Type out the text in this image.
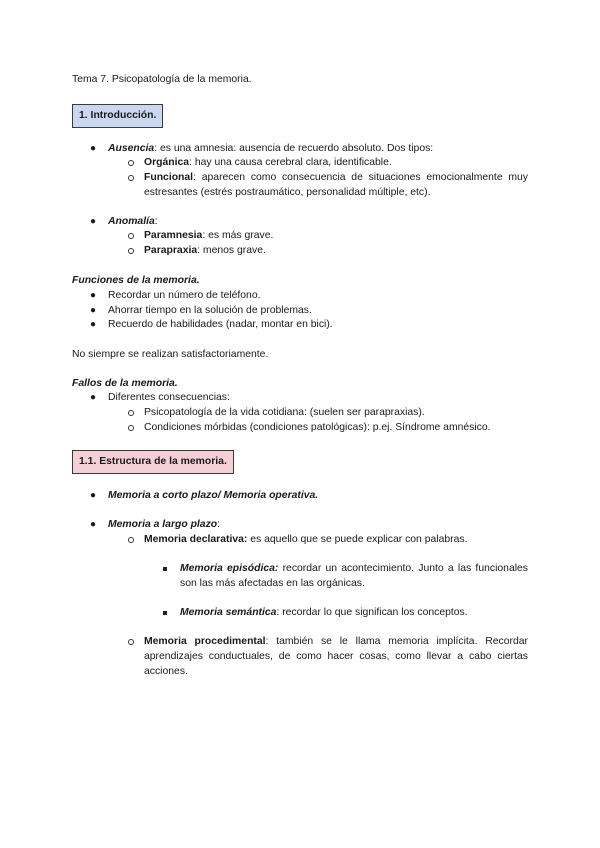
Tema 7. Psicopatología de la memoria.
1. Introducción.
● Ausencia: es una amnesia: ausencia de recuerdo absoluto. Dos tipos:
Orgánica: hay una causa cerebral clara, identificable.
Funcional: aparecen como consecuencia de situaciones emocionalmente muy estresantes (estrés postraumático, personalidad múltiple, etc).
● Anomalía:
Paramnesia: es más grave.
Parapraxia: menos grave.
Funciones de la memoria.
● Recordar un número de teléfono.
● Ahorrar tiempo en la solución de problemas.
● Recuerdo de habilidades (nadar, montar en bici).
No siempre se realizan satisfactoriamente.
Fallos de la memoria.
● Diferentes consecuencias:
Psicopatología de la vida cotidiana: (suelen ser parapraxias).
Condiciones mórbidas (condiciones patológicas): p.ej. Síndrome amnésico.
1.1. Estructura de la memoria.
● Memoria a corto plazo/ Memoria operativa.
● Memoria a largo plazo:
Memoria declarativa: es aquello que se puede explicar con palabras.
Memoria episódica: recordar un acontecimiento. Junto a las funcionales son las más afectadas en las orgánicas.
Memoria semántica: recordar lo que significan los conceptos.
Memoria procedimental: también se le llama memoria implícita. Recordar aprendizajes conductuales, de como hacer cosas, como llevar a cabo ciertas acciones.
